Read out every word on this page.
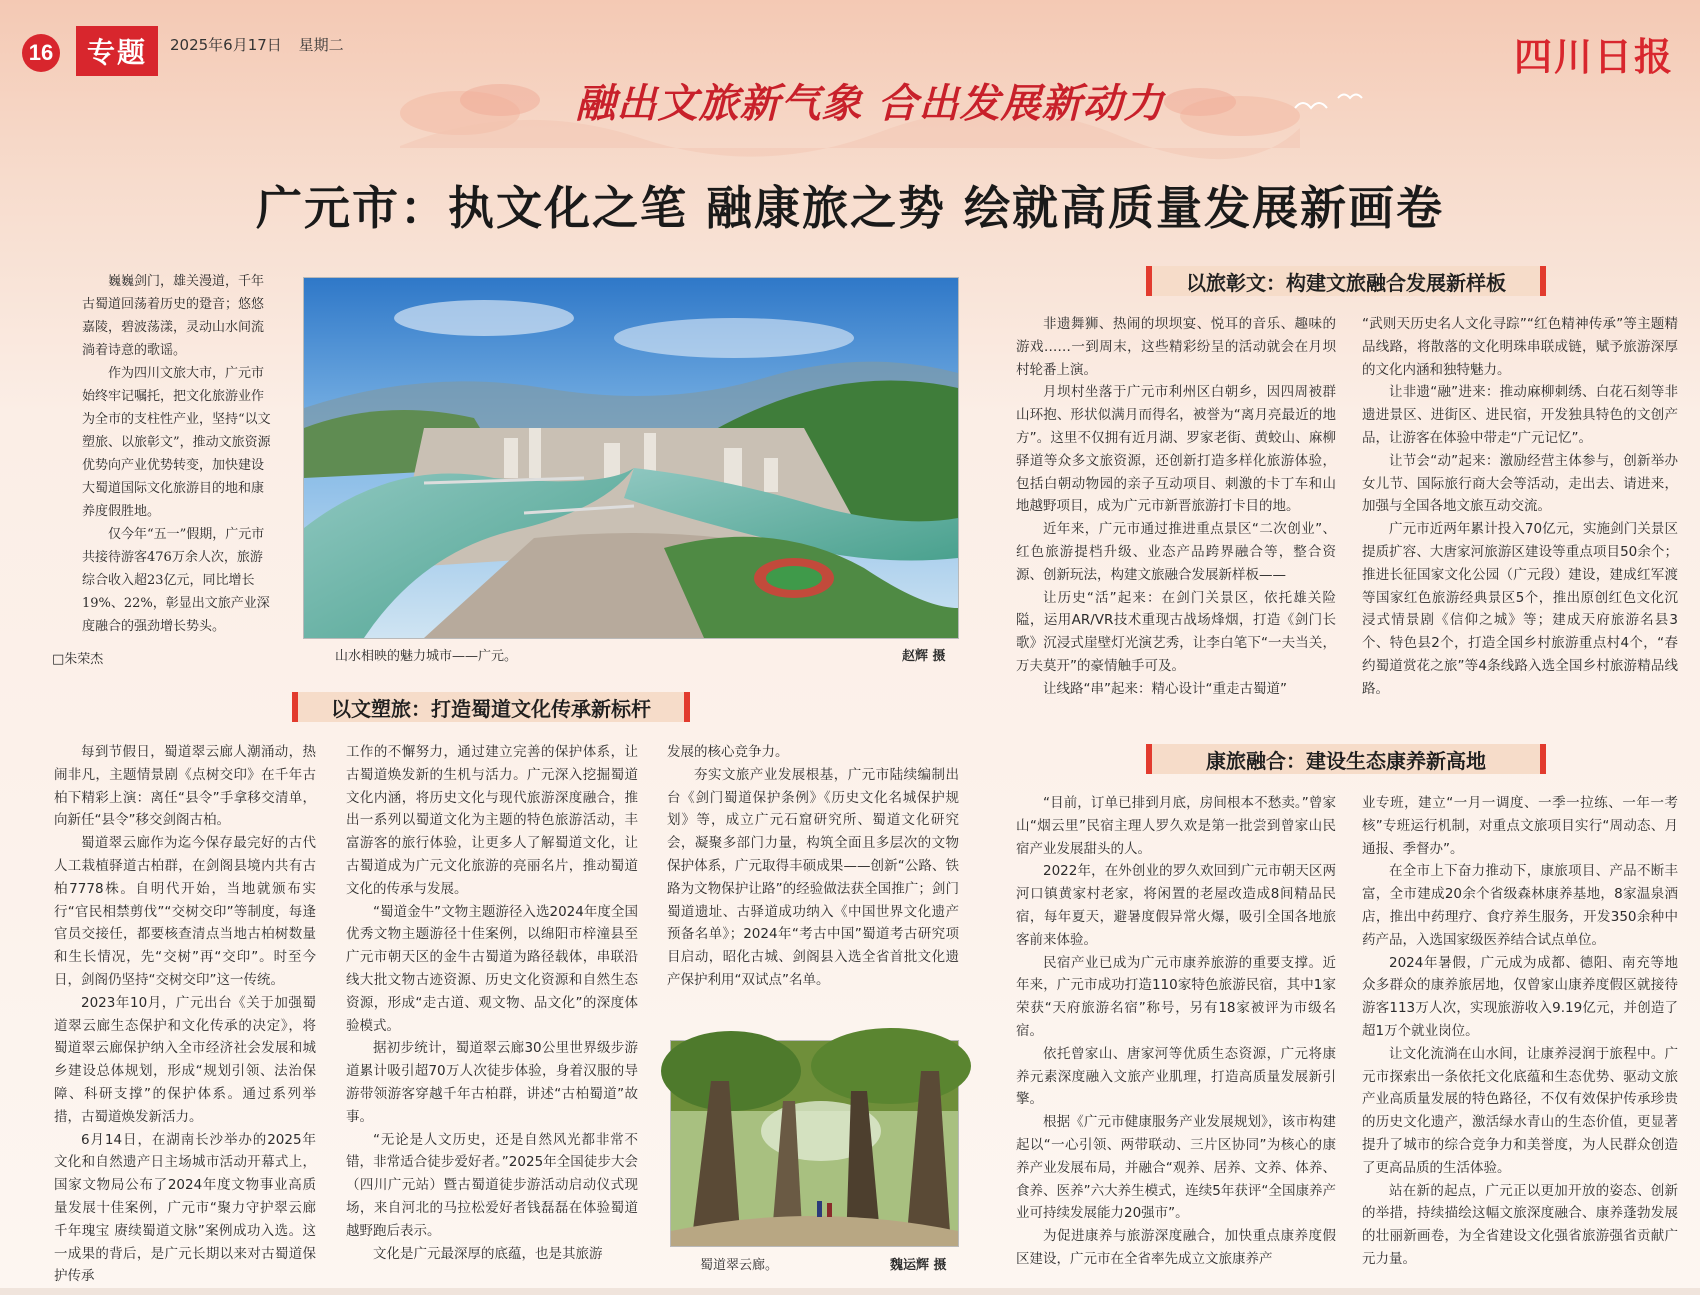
16	专题	2025年6月17日 星期二	四川日报
融出文旅新气象 合出发展新动力
广元市：执文化之笔 融康旅之势 绘就高质量发展新画卷

巍巍剑门，雄关漫道，千年古蜀道回荡着历史的跫音；悠悠嘉陵，碧波荡漾，灵动山水间流淌着诗意的歌谣。

作为四川文旅大市，广元市始终牢记嘱托，把文化旅游业作为全市的支柱性产业，坚持“以文塑旅、以旅彰文”，推动文旅资源优势向产业优势转变，加快建设大蜀道国际文化旅游目的地和康养度假胜地。

仅今年“五一”假期，广元市共接待游客476万余人次，旅游综合收入超23亿元，同比增长19%、22%，彰显出文旅产业深度融合的强劲增长势头。

□朱荣杰	山水相映的魅力城市——广元。	赵辉 摄
以文塑旅：打造蜀道文化传承新标杆

每到节假日，蜀道翠云廊人潮涌动，热闹非凡，主题情景剧《点树交印》在千年古柏下精彩上演：离任“县令”手拿移交清单，向新任“县令”移交剑阁古柏。

蜀道翠云廊作为迄今保存最完好的古代人工栽植驿道古柏群，在剑阁县境内共有古柏7778株。自明代开始，当地就颁布实行“官民相禁剪伐”“交树交印”等制度，每逢官员交接任，都要核查清点当地古柏树数量和生长情况，先“交树”再“交印”。时至今日，剑阁仍坚持“交树交印”这一传统。

2023年10月，广元出台《关于加强蜀道翠云廊生态保护和文化传承的决定》，将蜀道翠云廊保护纳入全市经济社会发展和城乡建设总体规划，形成“规划引领、法治保障、科研支撑”的保护体系。通过系列举措，古蜀道焕发新活力。

6月14日，在湖南长沙举办的2025年文化和自然遗产日主场城市活动开幕式上，国家文物局公布了2024年度文物事业高质量发展十佳案例，广元市“聚力守护翠云廊千年瑰宝 赓续蜀道文脉”案例成功入选。这一成果的背后，是广元长期以来对古蜀道保护传承

工作的不懈努力，通过建立完善的保护体系，让古蜀道焕发新的生机与活力。广元深入挖掘蜀道文化内涵，将历史文化与现代旅游深度融合，推出一系列以蜀道文化为主题的特色旅游活动，丰富游客的旅行体验，让更多人了解蜀道文化，让古蜀道成为广元文化旅游的亮丽名片，推动蜀道文化的传承与发展。

“蜀道金牛”文物主题游径入选2024年度全国优秀文物主题游径十佳案例，以绵阳市梓潼县至广元市朝天区的金牛古蜀道为路径载体，串联沿线大批文物古迹资源、历史文化资源和自然生态资源，形成“走古道、观文物、品文化”的深度体验模式。

据初步统计，蜀道翠云廊30公里世界级步游道累计吸引超70万人次徒步体验，身着汉服的导游带领游客穿越千年古柏群，讲述“古柏蜀道”故事。

“无论是人文历史，还是自然风光都非常不错，非常适合徒步爱好者。”2025年全国徒步大会（四川广元站）暨古蜀道徒步游活动启动仪式现场，来自河北的马拉松爱好者钱磊磊在体验蜀道越野跑后表示。

文化是广元最深厚的底蕴，也是其旅游

发展的核心竞争力。

夯实文旅产业发展根基，广元市陆续编制出台《剑门蜀道保护条例》《历史文化名城保护规划》等，成立广元石窟研究所、蜀道文化研究会，凝聚多部门力量，构筑全面且多层次的文物保护体系，广元取得丰硕成果——创新“公路、铁路为文物保护让路”的经验做法获全国推广；剑门蜀道遗址、古驿道成功纳入《中国世界文化遗产预备名单》；2024年“考古中国”蜀道考古研究项目启动，昭化古城、剑阁县入选全省首批文化遗产保护利用“双试点”名单。

蜀道翠云廊。	魏运辉 摄
以旅彰文：构建文旅融合发展新样板

非遗舞狮、热闹的坝坝宴、悦耳的音乐、趣味的游戏……一到周末，这些精彩纷呈的活动就会在月坝村轮番上演。

月坝村坐落于广元市利州区白朝乡，因四周被群山环抱、形状似满月而得名，被誉为“离月亮最近的地方”。这里不仅拥有近月湖、罗家老街、黄蛟山、麻柳驿道等众多文旅资源，还创新打造多样化旅游体验，包括白朝动物园的亲子互动项目、刺激的卡丁车和山地越野项目，成为广元市新晋旅游打卡目的地。

近年来，广元市通过推进重点景区“二次创业”、红色旅游提档升级、业态产品跨界融合等，整合资源、创新玩法，构建文旅融合发展新样板——

让历史“活”起来：在剑门关景区，依托雄关险隘，运用AR/VR技术重现古战场烽烟，打造《剑门长歌》沉浸式崖壁灯光演艺秀，让李白笔下“一夫当关，万夫莫开”的豪情触手可及。

让线路“串”起来：精心设计“重走古蜀道”

“武则天历史名人文化寻踪”“红色精神传承”等主题精品线路，将散落的文化明珠串联成链，赋予旅游深厚的文化内涵和独特魅力。

让非遗“融”进来：推动麻柳刺绣、白花石刻等非遗进景区、进街区、进民宿，开发独具特色的文创产品，让游客在体验中带走“广元记忆”。

让节会“动”起来：激励经营主体参与，创新举办女儿节、国际旅行商大会等活动，走出去、请进来，加强与全国各地文旅互动交流。

广元市近两年累计投入70亿元，实施剑门关景区提质扩容、大唐家河旅游区建设等重点项目50余个；推进长征国家文化公园（广元段）建设，建成红军渡等国家红色旅游经典景区5个，推出原创红色文化沉浸式情景剧《信仰之城》等；建成天府旅游名县3个、特色县2个，打造全国乡村旅游重点村4个，“春约蜀道赏花之旅”等4条线路入选全国乡村旅游精品线路。

康旅融合：建设生态康养新高地

“目前，订单已排到月底，房间根本不愁卖。”曾家山“烟云里”民宿主理人罗久欢是第一批尝到曾家山民宿产业发展甜头的人。

2022年，在外创业的罗久欢回到广元市朝天区两河口镇黄家村老家，将闲置的老屋改造成8间精品民宿，每年夏天，避暑度假异常火爆，吸引全国各地旅客前来体验。

民宿产业已成为广元市康养旅游的重要支撑。近年来，广元市成功打造110家特色旅游民宿，其中1家荣获“天府旅游名宿”称号，另有18家被评为市级名宿。

依托曾家山、唐家河等优质生态资源，广元将康养元素深度融入文旅产业肌理，打造高质量发展新引擎。

根据《广元市健康服务产业发展规划》，该市构建起以“一心引领、两带联动、三片区协同”为核心的康养产业发展布局，并融合“观养、居养、文养、体养、食养、医养”六大养生模式，连续5年获评“全国康养产业可持续发展能力20强市”。

为促进康养与旅游深度融合，加快重点康养度假区建设，广元市在全省率先成立文旅康养产

业专班，建立“一月一调度、一季一拉练、一年一考核”专班运行机制，对重点文旅项目实行“周动态、月通报、季督办”。

在全市上下奋力推动下，康旅项目、产品不断丰富，全市建成20余个省级森林康养基地，8家温泉酒店，推出中药理疗、食疗养生服务，开发350余种中药产品，入选国家级医养结合试点单位。

2024年暑假，广元成为成都、德阳、南充等地众多群众的康养旅居地，仅曾家山康养度假区就接待游客113万人次，实现旅游收入9.19亿元，并创造了超1万个就业岗位。

让文化流淌在山水间，让康养浸润于旅程中。广元市探索出一条依托文化底蕴和生态优势、驱动文旅产业高质量发展的特色路径，不仅有效保护传承珍贵的历史文化遗产，激活绿水青山的生态价值，更显著提升了城市的综合竞争力和美誉度，为人民群众创造了更高品质的生活体验。

站在新的起点，广元正以更加开放的姿态、创新的举措，持续描绘这幅文旅深度融合、康养蓬勃发展的壮丽新画卷，为全省建设文化强省旅游强省贡献广元力量。
